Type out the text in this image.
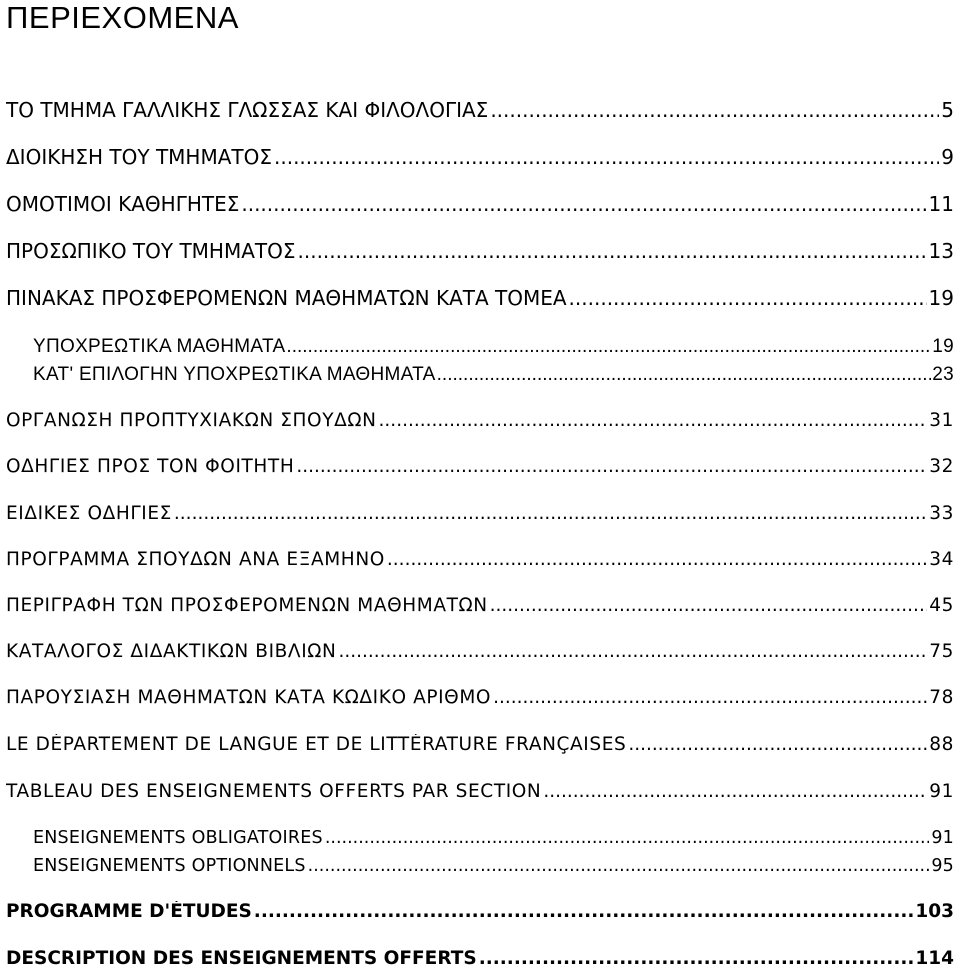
ΠΕΡΙΕΧΟΜΕΝΑ
ΤΟ ΤΜΗΜΑ ΓΑΛΛΙΚΗΣ ΓΛΩΣΣΑΣ ΚΑΙ ΦΙΛΟΛΟΓΙΑΣ .....	5
ΔΙΟΙΚΗΣΗ ΤΟΥ ΤΜΗΜΑΤΟΣ .....	9
ΟΜΟΤΙΜΟΙ ΚΑΘΗΓΗΤΕΣ .....	11
ΠΡΟΣΩΠΙΚΟ ΤΟΥ ΤΜΗΜΑΤΟΣ .....	13
ΠΙΝΑΚΑΣ ΠΡΟΣΦΕΡΟΜΕΝΩΝ ΜΑΘΗΜΑΤΩΝ ΚΑΤΑ ΤΟΜΕΑ .....	19
ΥΠΟΧΡΕΩΤΙΚΑ ΜΑΘΗΜΑΤΑ .....	19
ΚΑΤ' ΕΠΙΛΟΓΗΝ ΥΠΟΧΡΕΩΤΙΚΑ ΜΑΘΗΜΑΤΑ .....	23
ΟΡΓΑΝΩΣΗ ΠΡΟΠΤΥΧΙΑΚΩΝ ΣΠΟΥΔΩΝ .....	31
ΟΔΗΓΙΕΣ ΠΡΟΣ ΤΟΝ ΦΟΙΤΗΤΗ .....	32
ΕΙΔΙΚΕΣ ΟΔΗΓΙΕΣ .....	33
ΠΡΟΓΡΑΜΜΑ ΣΠΟΥΔΩΝ ΑΝΑ ΕΞΑΜΗΝΟ .....	34
ΠΕΡΙΓΡΑΦΗ ΤΩΝ ΠΡΟΣΦΕΡΟΜΕΝΩΝ ΜΑΘΗΜΑΤΩΝ .....	45
ΚΑΤΑΛΟΓΟΣ ΔΙΔΑΚΤΙΚΩΝ ΒΙΒΛΙΩΝ .....	75
ΠΑΡΟΥΣΙΑΣΗ ΜΑΘΗΜΑΤΩΝ ΚΑΤΑ ΚΩΔΙΚΟ ΑΡΙΘΜΟ .....	78
LE DÉPARTEMENT DE LANGUE ET DE LITTÉRATURE FRANÇAISES .....	88
TABLEAU DES ENSEIGNEMENTS OFFERTS PAR SECTION .....	91
ENSEIGNEMENTS OBLIGATOIRES .....	91
ENSEIGNEMENTS OPTIONNELS .....	95
PROGRAMME D'ÉTUDES .....	103
DESCRIPTION DES ENSEIGNEMENTS OFFERTS .....	114
